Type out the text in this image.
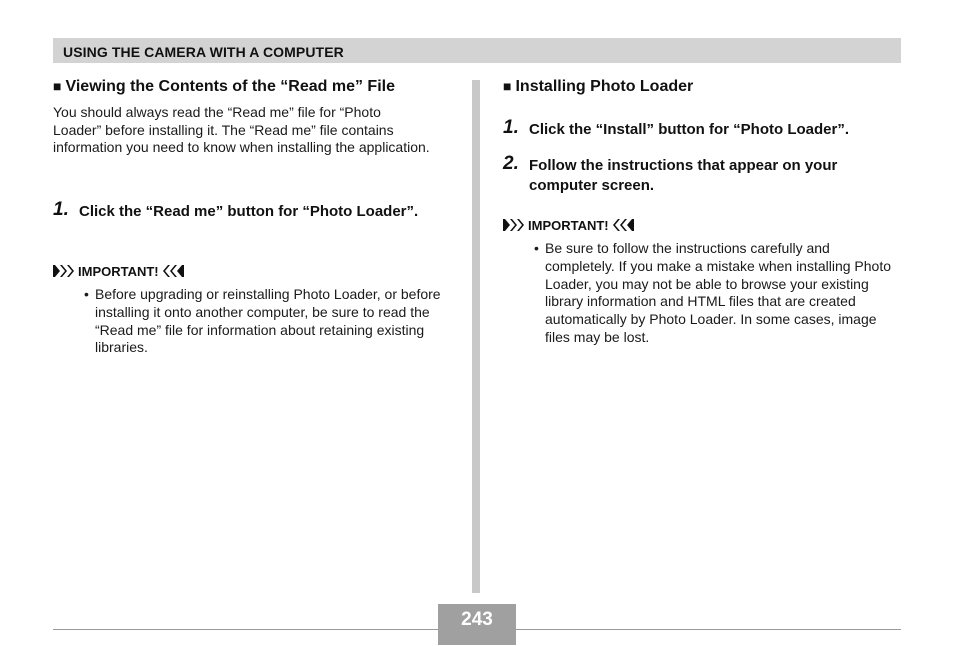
USING THE CAMERA WITH A COMPUTER
■ Viewing the Contents of the “Read me” File
You should always read the “Read me” file for “Photo Loader” before installing it. The “Read me” file contains information you need to know when installing the application.
1. Click the “Read me” button for “Photo Loader”.
IMPORTANT!
• Before upgrading or reinstalling Photo Loader, or before installing it onto another computer, be sure to read the “Read me” file for information about retaining existing libraries.
■ Installing Photo Loader
1. Click the “Install” button for “Photo Loader”.
2. Follow the instructions that appear on your computer screen.
IMPORTANT!
• Be sure to follow the instructions carefully and completely. If you make a mistake when installing Photo Loader, you may not be able to browse your existing library information and HTML files that are created automatically by Photo Loader. In some cases, image files may be lost.
243
